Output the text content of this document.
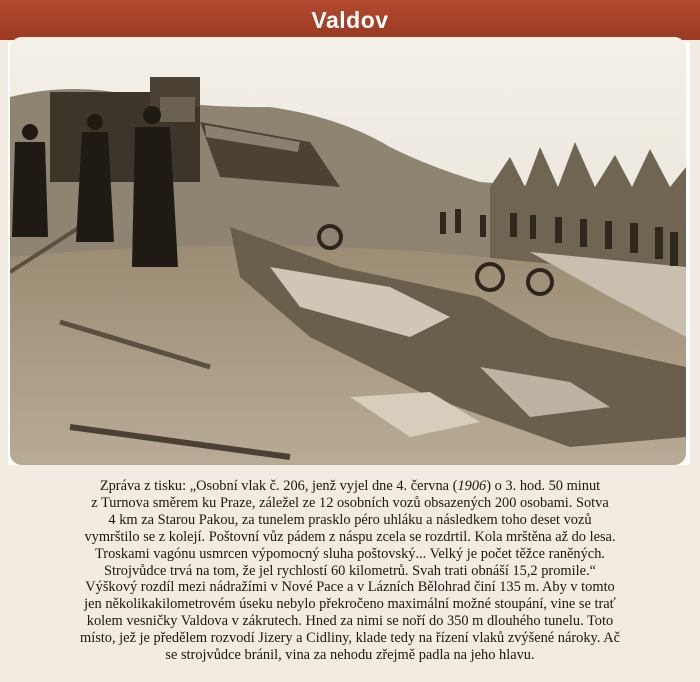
Valdov
Zpráva z tisku: „Osobní vlak č. 206, jenž vyjel dne 4. června (1906) o 3. hod. 50 minut
z Turnova směrem ku Praze, záležel ze 12 osobních vozů obsazených 200 osobami. Sotva
4 km za Starou Pakou, za tunelem prasklo péro uhláku a následkem toho deset vozů
vymrštilo se z kolejí. Poštovní vůz pádem z náspu zcela se rozdrtil. Kola mrštěna až do lesa.
Troskami vagónu usmrcen výpomocný sluha poštovský... Velký je počet těžce raněných.
Strojvůdce trvá na tom, že jel rychlostí 60 kilometrů. Svah trati obnáší 15,2 promile.“
Výškový rozdíl mezi nádražími v Nové Pace a v Lázních Bělohrad činí 135 m. Aby v tomto
jen několikakilometrovém úseku nebylo překročeno maximální možné stoupání, vine se trať
kolem vesničky Valdova v zákrutech. Hned za nimi se noří do 350 m dlouhého tunelu. Toto
místo, jež je předělem rozvodí Jizery a Cidliny, klade tedy na řízení vlaků zvýšené nároky. Ač
se strojvůdce bránil, vina za nehodu zřejmě padla na jeho hlavu.
